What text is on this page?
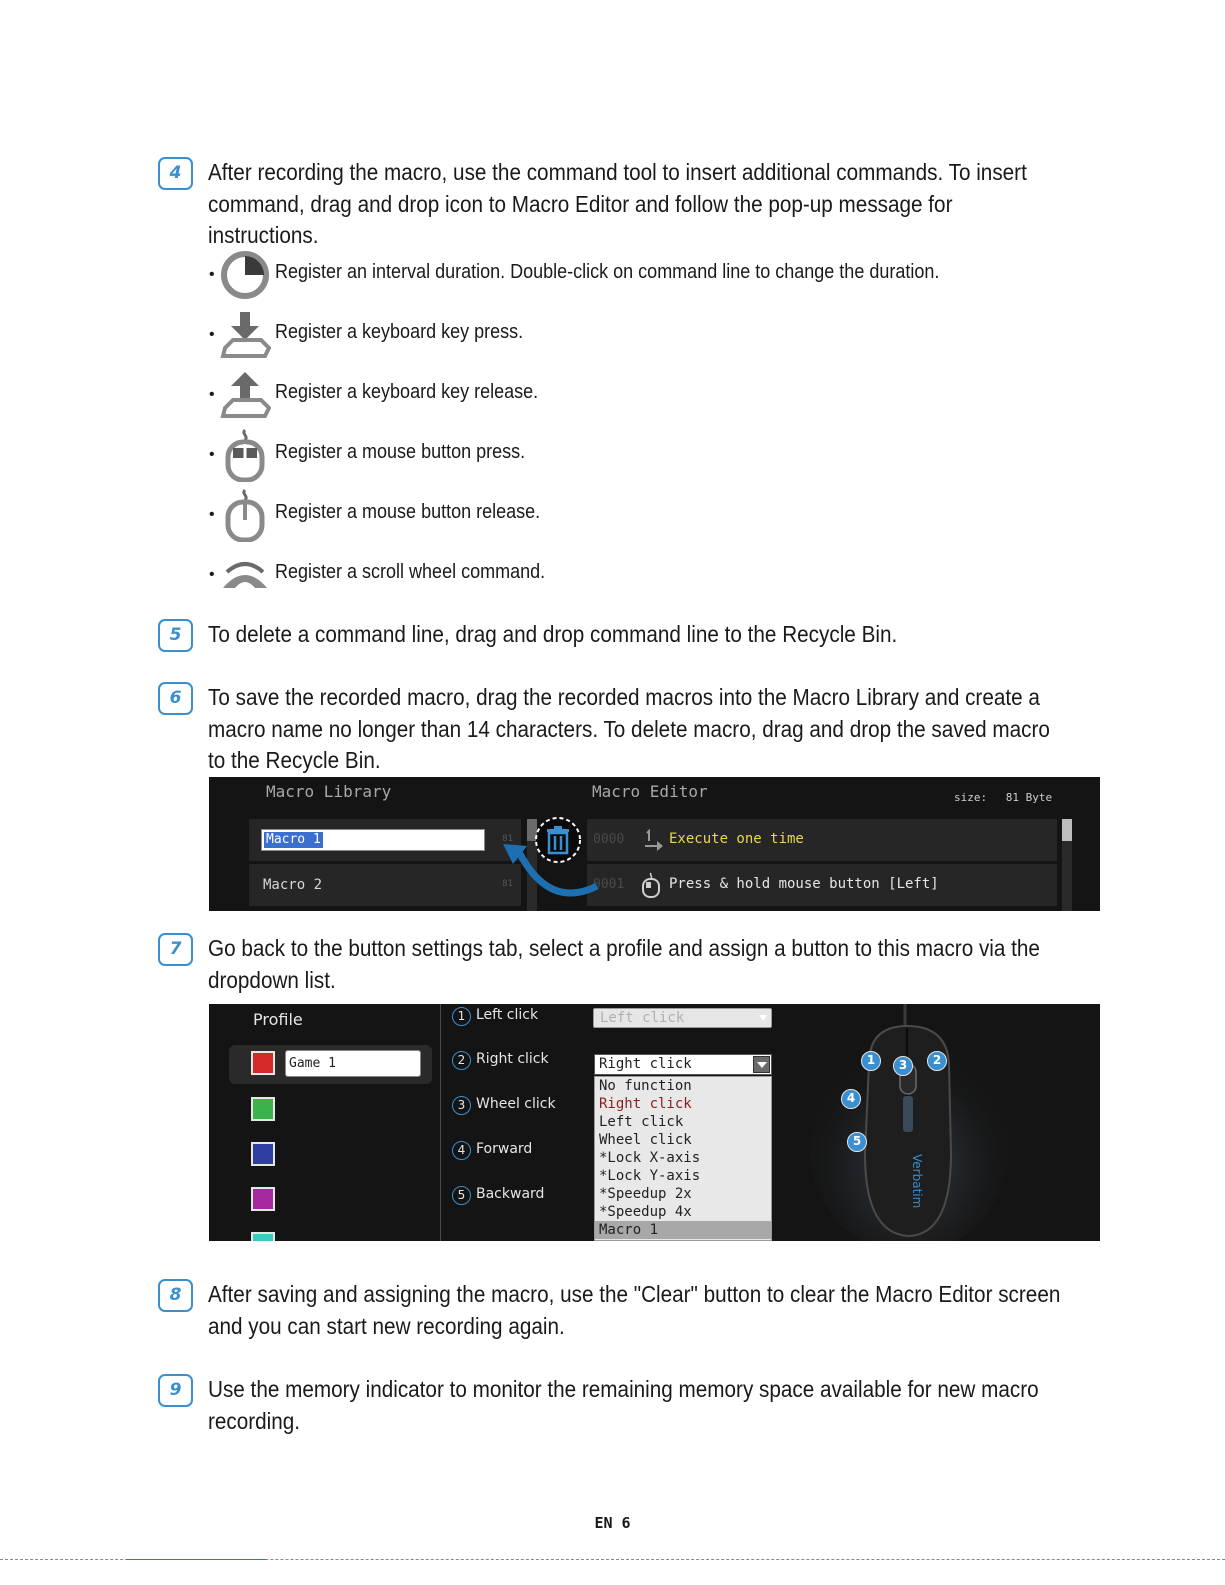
4	After recording the macro, use the command tool to insert additional commands. To insert
command, drag and drop icon to Macro Editor and follow the pop-up message for
instructions.
•	Register an interval duration. Double-click on command line to change the duration.
•	Register a keyboard key press.
•	Register a keyboard key release.
•	Register a mouse button press.
•	Register a mouse button release.
•	Register a scroll wheel command.
5	To delete a command line, drag and drop command line to the Recycle Bin.
6	To save the recorded macro, drag the recorded macros into the Macro Library and create a
macro name no longer than 14 characters. To delete macro, drag and drop the saved macro
to the Recycle Bin.
Macro Library	Macro Editor	size: 81 Byte
Macro 1	81
Macro 2	81
0000	Execute one time
0001	Press & hold mouse button [Left]
7	Go back to the button settings tab, select a profile and assign a button to this macro via the
dropdown list.
Profile
Game 1
1 Left click
2 Right click
3 Wheel click
4 Forward
5 Backward
Left click
Right click
No function
Right click
Left click
Wheel click
*Lock X-axis
*Lock Y-axis
*Speedup 2x
*Speedup 4x
Macro 1
Verbatim
1	2
3
4
5
8	After saving and assigning the macro, use the "Clear" button to clear the Macro Editor screen
and you can start new recording again.
9	Use the memory indicator to monitor the remaining memory space available for new macro
recording.
EN 6
